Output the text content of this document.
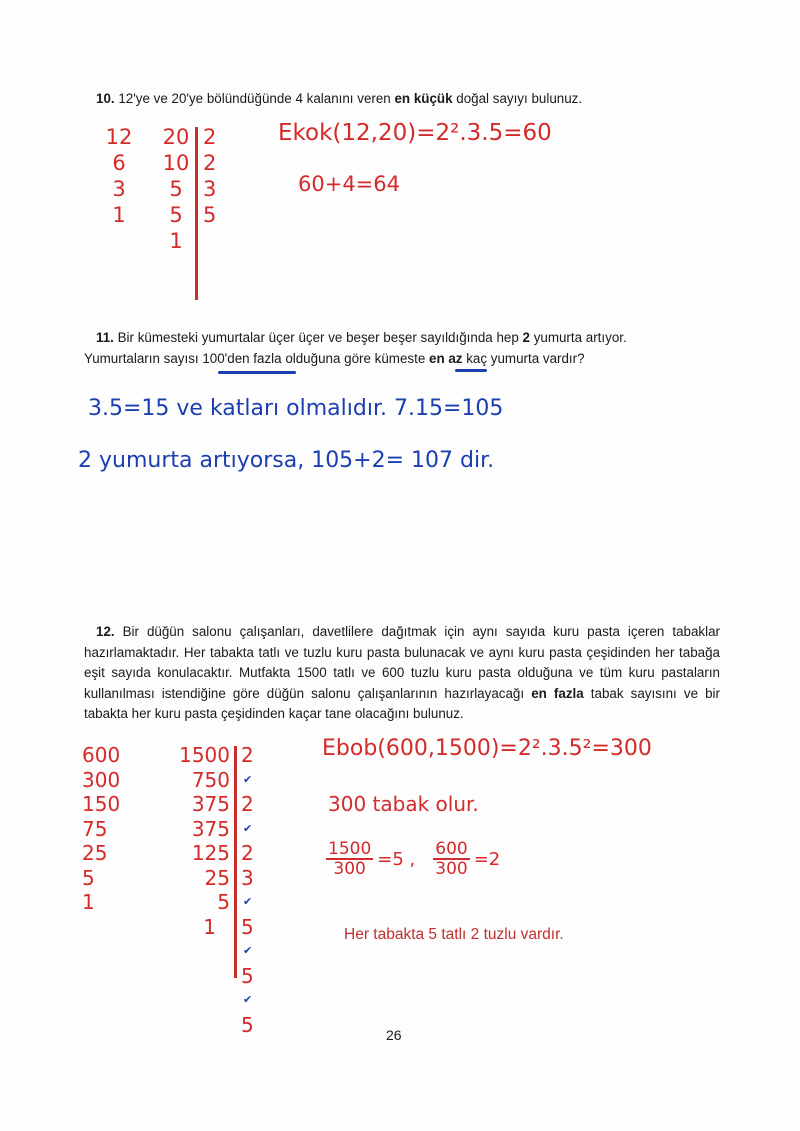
10. 12'ye ve 20'ye bölündüğünde 4 kalanını veren en küçük doğal sayıyı bulunuz.
12
6
3
1
20
10
5
5
1
2
2
3
5
Ekok(12,20)=2².3.5=60
60+4=64
11. Bir kümesteki yumurtalar üçer üçer ve beşer beşer sayıldığında hep 2 yumurta artıyor.
Yumurtaların sayısı 100'den fazla olduğuna göre kümeste en az kaç yumurta vardır?
3.5=15 ve katları olmalıdır. 7.15=105
2 yumurta artıyorsa, 105+2= 107 dir.
12. Bir düğün salonu çalışanları, davetlilere dağıtmak için aynı sayıda kuru pasta içeren tabaklar hazırlamaktadır. Her tabakta tatlı ve tuzlu kuru pasta bulunacak ve aynı kuru pasta çeşidinden her tabağa eşit sayıda konulacaktır. Mutfakta 1500 tatlı ve 600 tuzlu kuru pasta olduğuna ve tüm kuru pastaların kullanılması istendiğine göre düğün salonu çalışanlarının hazırlayacağı en fazla tabak sayısını ve bir tabakta her kuru pasta çeşidinden kaçar tane olacağını bulunuz.
600
300
150
75
25
5
1
1500
750
375
375
125
25
5
1
2
✔
2
✔
2
3
✔
5
✔
5
✔
5
Ebob(600,1500)=2².3.5²=300
300 tabak olur.
$\frac{1500}{300} =5$ , $\frac{600}{300} =2$
Her tabakta 5 tatlı 2 tuzlu vardır.
26
